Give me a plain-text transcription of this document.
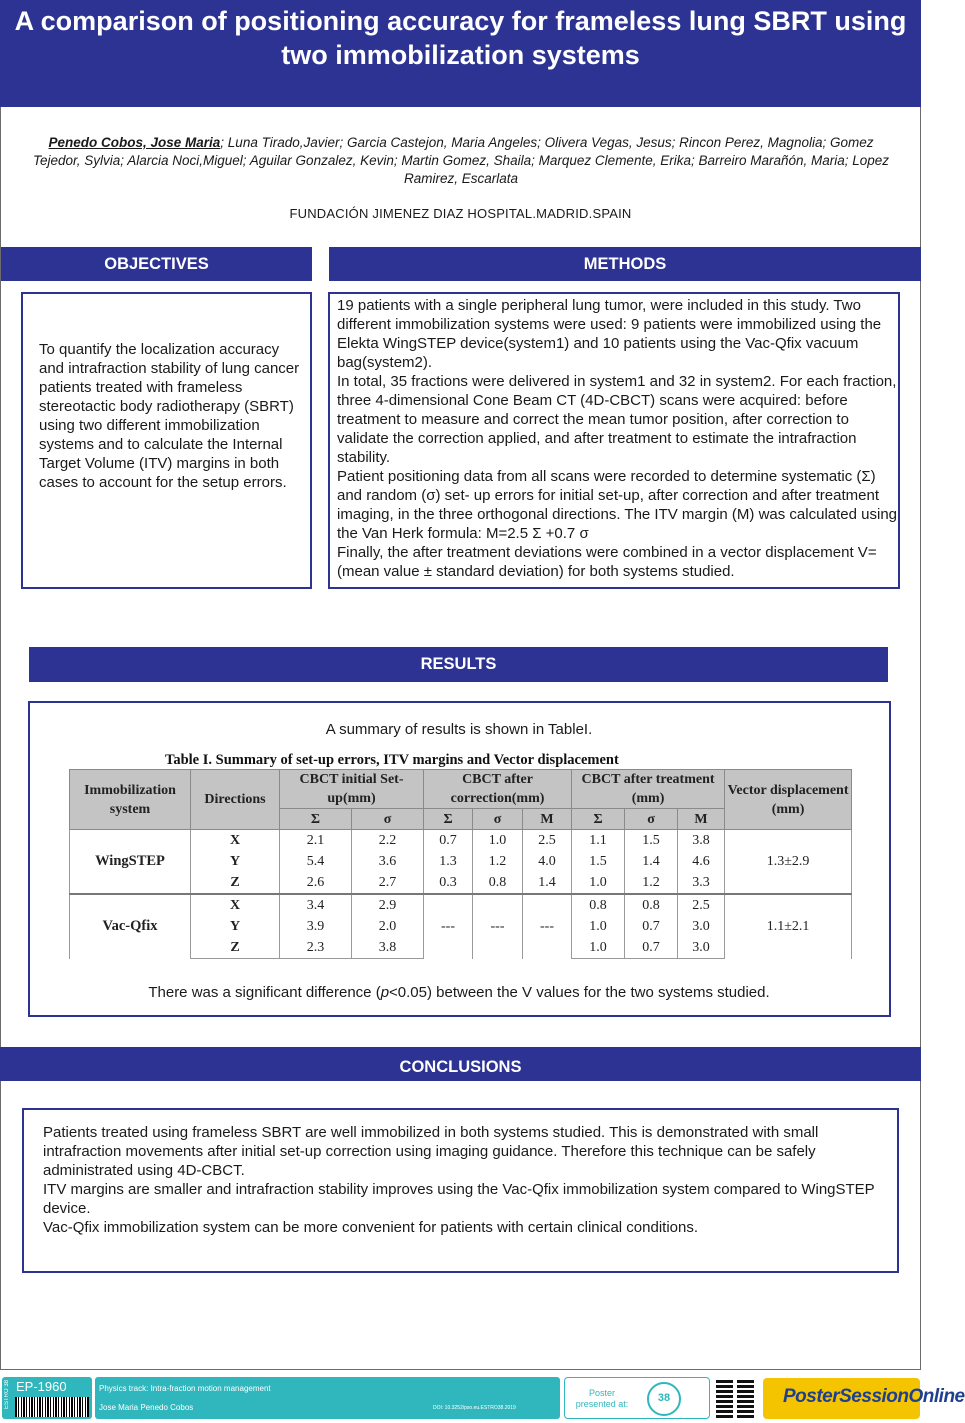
A comparison of positioning accuracy for frameless lung SBRT using two immobilization systems
Penedo Cobos, Jose Maria; Luna Tirado,Javier; Garcia Castejon, Maria Angeles; Olivera Vegas, Jesus; Rincon Perez, Magnolia; Gomez Tejedor, Sylvia; Alarcia Noci,Miguel; Aguilar Gonzalez, Kevin; Martin Gomez, Shaila; Marquez Clemente, Erika; Barreiro Marañón, Maria; Lopez Ramirez, Escarlata
FUNDACIÓN JIMENEZ DIAZ HOSPITAL.MADRID.SPAIN
OBJECTIVES
To quantify the localization accuracy and intrafraction stability of lung cancer patients treated with frameless stereotactic body radiotherapy (SBRT) using two different immobilization systems and to calculate the Internal Target Volume (ITV) margins in both cases to account for the setup errors.
METHODS
19 patients with a single peripheral lung tumor, were included in this study. Two different immobilization systems were used: 9 patients were immobilized using the Elekta WingSTEP device(system1) and 10 patients using the Vac-Qfix vacuum bag(system2).
In total, 35 fractions were delivered in system1 and 32 in system2. For each fraction, three 4-dimensional Cone Beam CT (4D-CBCT) scans were acquired: before treatment to measure and correct the mean tumor position, after correction to validate the correction applied, and after treatment to estimate the intrafraction stability.
Patient positioning data from all scans were recorded to determine systematic (Σ) and random (σ) set- up errors for initial set-up, after correction and after treatment imaging, in the three orthogonal directions. The ITV margin (M) was calculated using the Van Herk formula: M=2.5 Σ +0.7 σ
Finally, the after treatment deviations were combined in a vector displacement V=(mean value ± standard deviation) for both systems studied.
RESULTS
A summary of results is shown in TableI.
Table I. Summary of set-up errors, ITV margins and Vector displacement
Immobilization system	Directions	CBCT initial Set-up(mm)		CBCT after correction(mm)			CBCT after treatment (mm)			Vector displacement (mm)
		Σ	σ	Σ	σ	M	Σ	σ	M	
WingSTEP	X	2.1	2.2	0.7	1.0	2.5	1.1	1.5	3.8	1.3±2.9
	Y	5.4	3.6	1.3	1.2	4.0	1.5	1.4	4.6	
	Z	2.6	2.7	0.3	0.8	1.4	1.0	1.2	3.3	
Vac-Qfix	X	3.4	2.9	---	---	---	0.8	0.8	2.5	1.1±2.1
	Y	3.9	2.0				1.0	0.7	3.0	
	Z	2.3	3.8				1.0	0.7	3.0	
There was a significant difference (p<0.05) between the V values for the two systems studied.
CONCLUSIONS
Patients treated using frameless SBRT are well immobilized in both systems studied. This is demonstrated with small intrafraction movements after initial set-up correction using imaging guidance. Therefore this technique can be safely administrated using 4D-CBCT.
ITV margins are smaller and intrafraction stability improves using the Vac-Qfix immobilization system compared to WingSTEP device.
Vac-Qfix immobilization system can be more convenient for patients with certain clinical conditions.
ESTRO 38 EP-1960	Physics track: Intra-fraction motion management
Jose Maria Penedo Cobos	DOI: 10.3252/pso.eu.ESTRO38.2019
Poster presented at:	38	PosterSessionOnline
